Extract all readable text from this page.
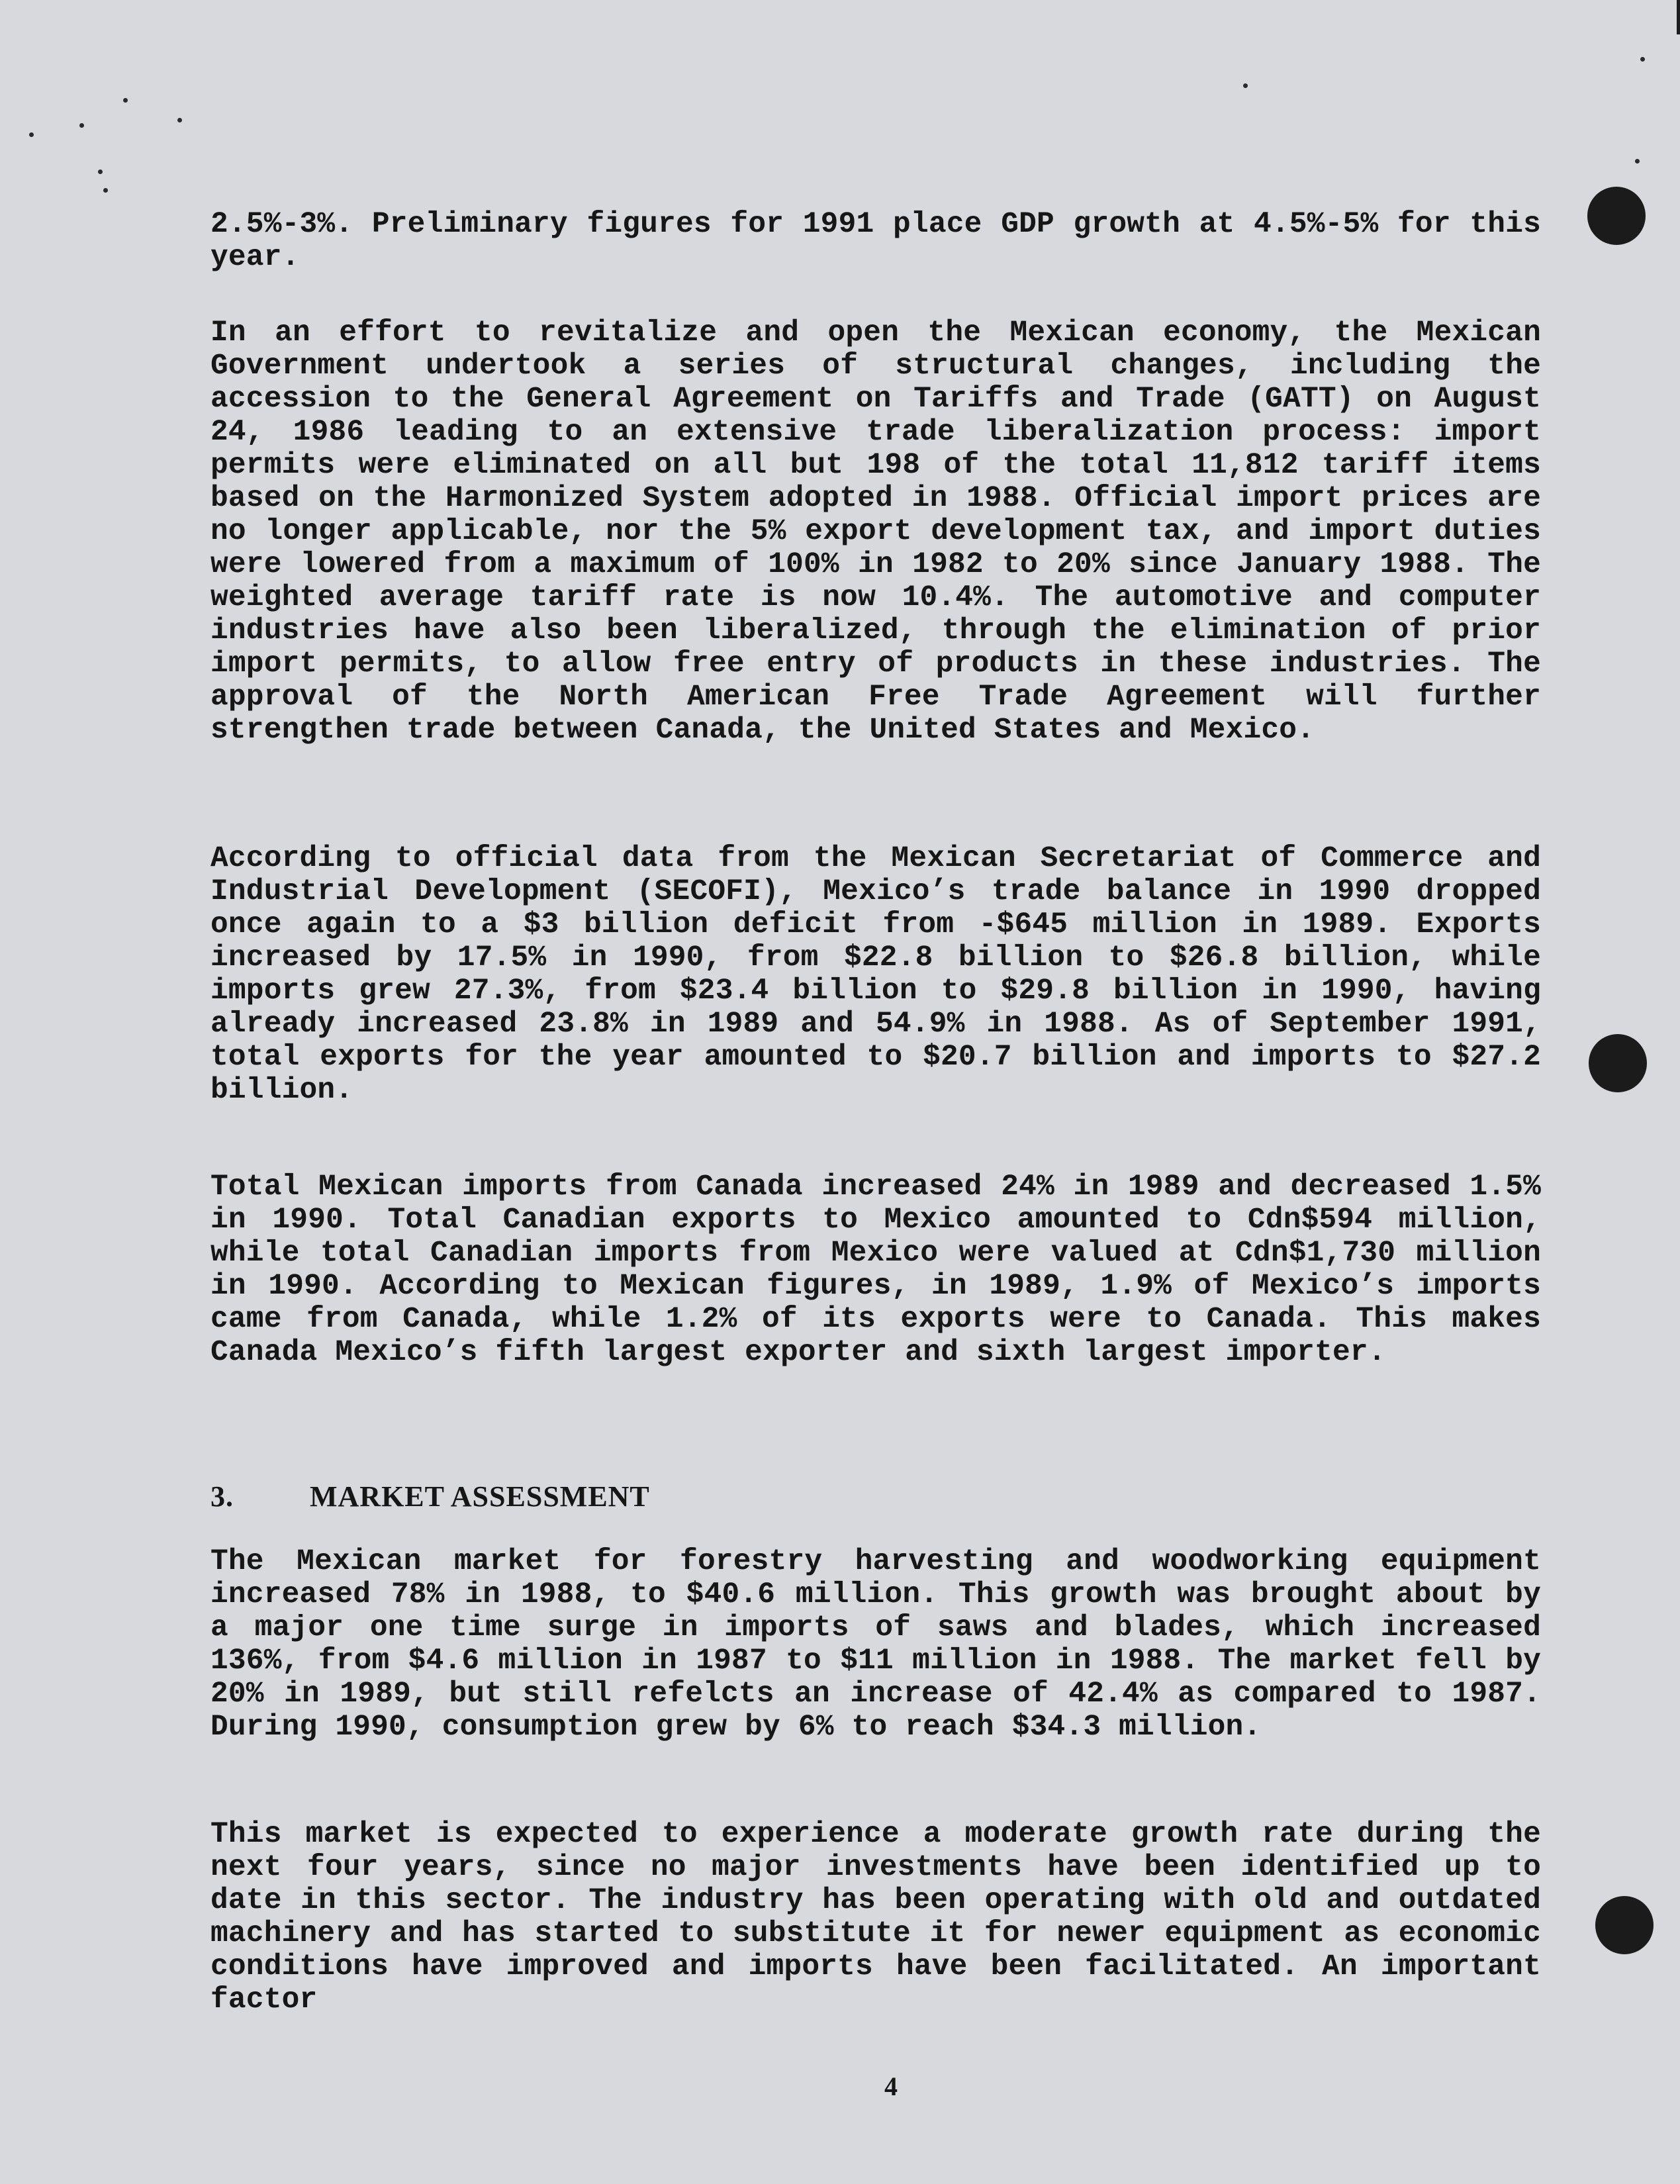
2.5%-3%. Preliminary figures for 1991 place GDP growth at 4.5%-5% for this year.
In an effort to revitalize and open the Mexican economy, the Mexican Government undertook a series of structural changes, including the accession to the General Agreement on Tariffs and Trade (GATT) on August 24, 1986 leading to an extensive trade liberalization process: import permits were eliminated on all but 198 of the total 11,812 tariff items based on the Harmonized System adopted in 1988. Official import prices are no longer applicable, nor the 5% export development tax, and import duties were lowered from a maximum of 100% in 1982 to 20% since January 1988. The weighted average tariff rate is now 10.4%. The automotive and computer industries have also been liberalized, through the elimination of prior import permits, to allow free entry of products in these industries. The approval of the North American Free Trade Agreement will further strengthen trade between Canada, the United States and Mexico.
According to official data from the Mexican Secretariat of Commerce and Industrial Development (SECOFI), Mexico’s trade balance in 1990 dropped once again to a $3 billion deficit from -$645 million in 1989. Exports increased by 17.5% in 1990, from $22.8 billion to $26.8 billion, while imports grew 27.3%, from $23.4 billion to $29.8 billion in 1990, having already increased 23.8% in 1989 and 54.9% in 1988. As of September 1991, total exports for the year amounted to $20.7 billion and imports to $27.2 billion.
Total Mexican imports from Canada increased 24% in 1989 and decreased 1.5% in 1990. Total Canadian exports to Mexico amounted to Cdn$594 million, while total Canadian imports from Mexico were valued at Cdn$1,730 million in 1990. According to Mexican figures, in 1989, 1.9% of Mexico’s imports came from Canada, while 1.2% of its exports were to Canada. This makes Canada Mexico’s fifth largest exporter and sixth largest importer.
3.	MARKET ASSESSMENT
The Mexican market for forestry harvesting and woodworking equipment increased 78% in 1988, to $40.6 million. This growth was brought about by a major one time surge in imports of saws and blades, which increased 136%, from $4.6 million in 1987 to $11 million in 1988. The market fell by 20% in 1989, but still refelcts an increase of 42.4% as compared to 1987. During 1990, consumption grew by 6% to reach $34.3 million.
This market is expected to experience a moderate growth rate during the next four years, since no major investments have been identified up to date in this sector. The industry has been operating with old and outdated machinery and has started to substitute it for newer equipment as economic conditions have improved and imports have been facilitated. An important factor
4
